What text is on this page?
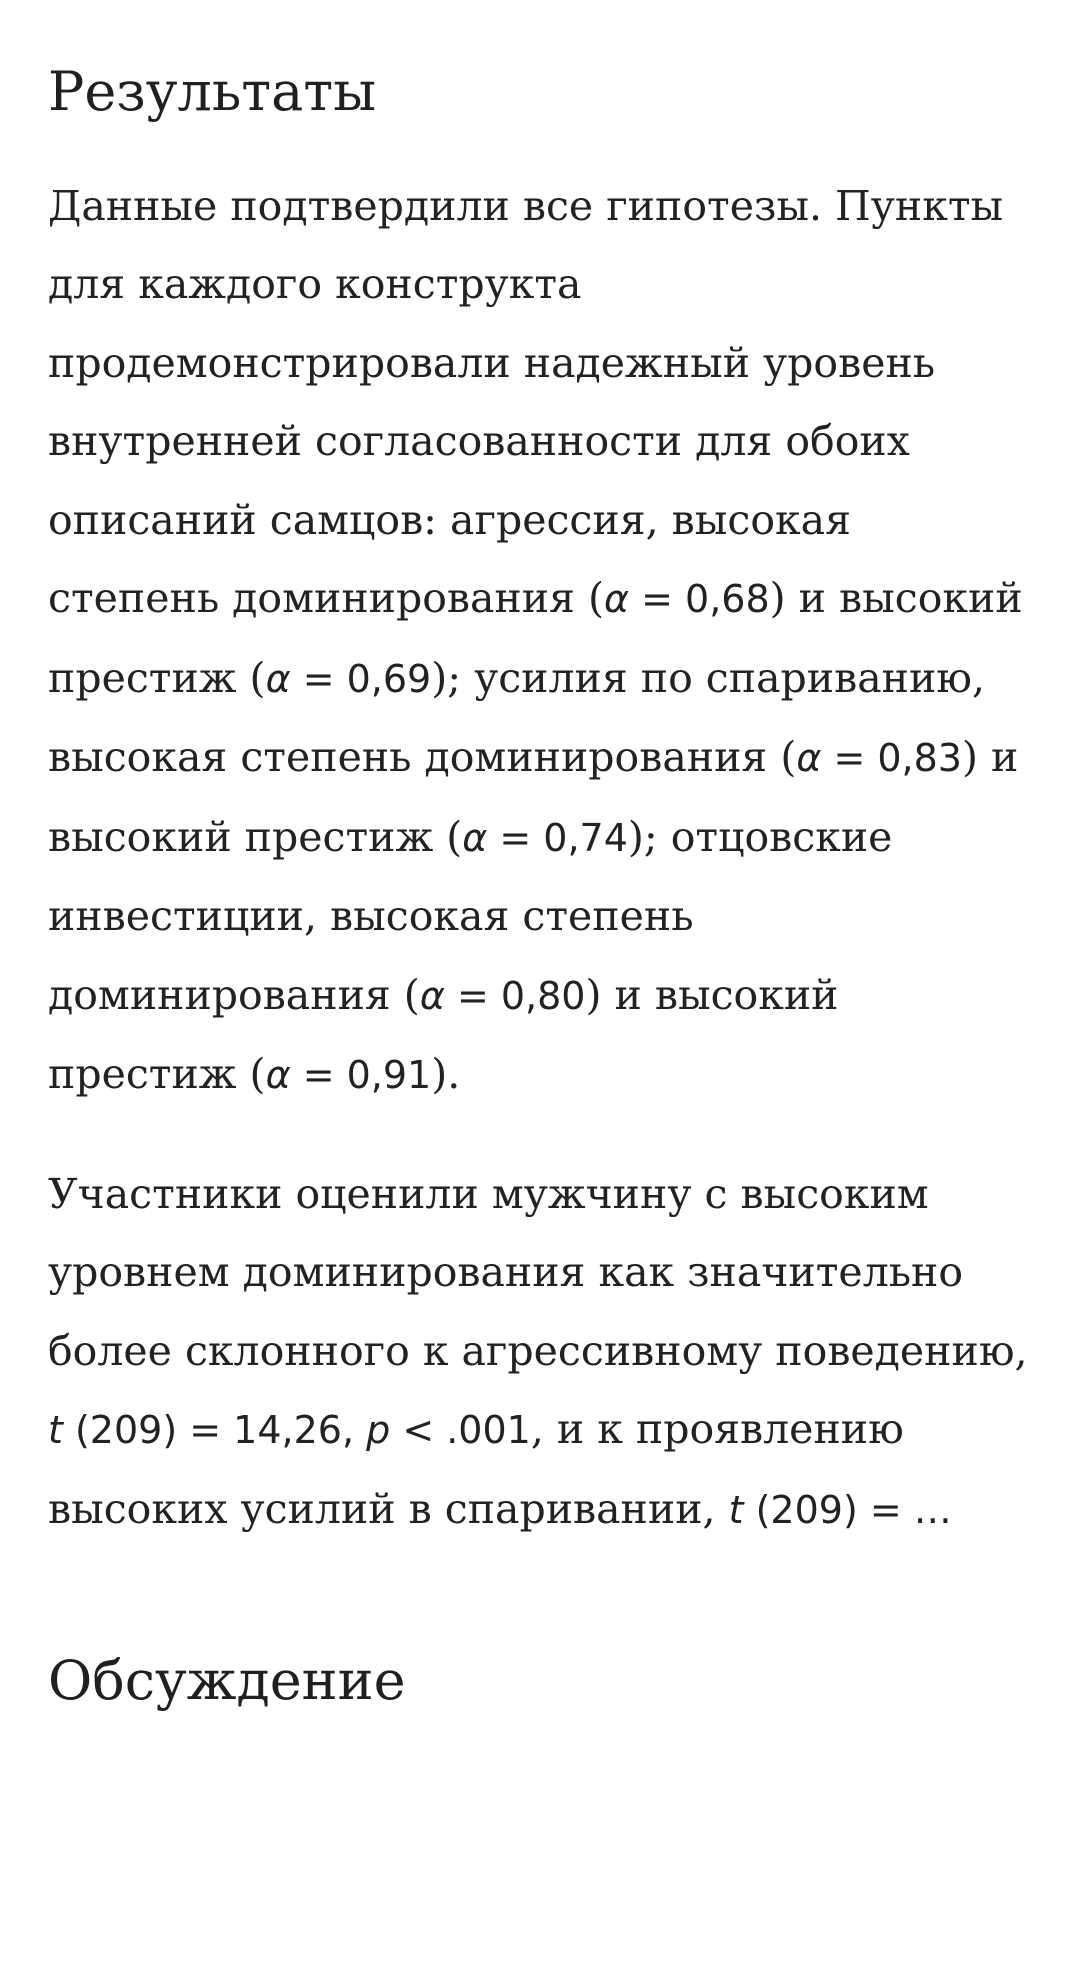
Результаты

Данные подтвердили все гипотезы. Пункты для каждого конструкта продемонстрировали надежный уровень внутренней согласованности для обоих описаний самцов: агрессия, высокая степень доминирования (α = 0,68) и высокий престиж (α = 0,69); усилия по спариванию, высокая степень доминирования (α = 0,83) и высокий престиж (α = 0,74); отцовские инвестиции, высокая степень доминирования (α = 0,80) и высокий престиж (α = 0,91).

Участники оценили мужчину с высоким уровнем доминирования как значительно более склонного к агрессивному поведению, t (209) = 14,26, p < .001, и к проявлению высоких усилий в спаривании, t (209) = …

Обсуждение
